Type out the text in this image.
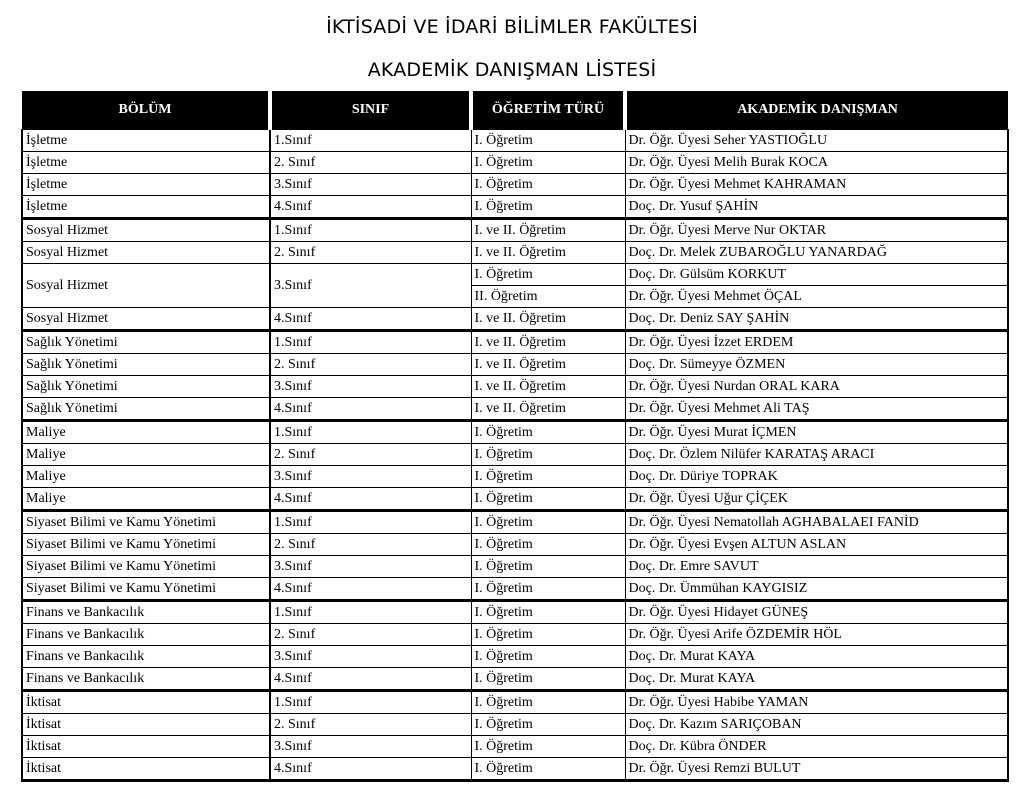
İKTİSADİ VE İDARİ BİLİMLER FAKÜLTESİ
AKADEMİK DANIŞMAN LİSTESİ
BÖLÜM	SINIF	ÖĞRETİM TÜRÜ	AKADEMİK DANIŞMAN
İşletme	1.Sınıf	I. Öğretim	Dr. Öğr. Üyesi Seher YASTIOĞLU
İşletme	2. Sınıf	I. Öğretim	Dr. Öğr. Üyesi Melih Burak KOCA
İşletme	3.Sınıf	I. Öğretim	Dr. Öğr. Üyesi Mehmet KAHRAMAN
İşletme	4.Sınıf	I. Öğretim	Doç. Dr. Yusuf ŞAHİN
Sosyal Hizmet	1.Sınıf	I. ve II. Öğretim	Dr. Öğr. Üyesi Merve Nur OKTAR
Sosyal Hizmet	2. Sınıf	I. ve II. Öğretim	Doç. Dr. Melek ZUBAROĞLU YANARDAĞ
Sosyal Hizmet	3.Sınıf	I. Öğretim	Doç. Dr. Gülsüm KORKUT
		II. Öğretim	Dr. Öğr. Üyesi Mehmet ÖÇAL
Sosyal Hizmet	4.Sınıf	I. ve II. Öğretim	Doç. Dr. Deniz SAY ŞAHİN
Sağlık Yönetimi	1.Sınıf	I. ve II. Öğretim	Dr. Öğr. Üyesi İzzet ERDEM
Sağlık Yönetimi	2. Sınıf	I. ve II. Öğretim	Doç. Dr. Sümeyye ÖZMEN
Sağlık Yönetimi	3.Sınıf	I. ve II. Öğretim	Dr. Öğr. Üyesi Nurdan ORAL KARA
Sağlık Yönetimi	4.Sınıf	I. ve II. Öğretim	Dr. Öğr. Üyesi Mehmet Ali TAŞ
Maliye	1.Sınıf	I. Öğretim	Dr. Öğr. Üyesi Murat İÇMEN
Maliye	2. Sınıf	I. Öğretim	Doç. Dr. Özlem Nilüfer KARATAŞ ARACI
Maliye	3.Sınıf	I. Öğretim	Doç. Dr. Düriye TOPRAK
Maliye	4.Sınıf	I. Öğretim	Dr. Öğr. Üyesi Uğur ÇİÇEK
Siyaset Bilimi ve Kamu Yönetimi	1.Sınıf	I. Öğretim	Dr. Öğr. Üyesi Nematollah AGHABALAEI FANİD
Siyaset Bilimi ve Kamu Yönetimi	2. Sınıf	I. Öğretim	Dr. Öğr. Üyesi Evşen ALTUN ASLAN
Siyaset Bilimi ve Kamu Yönetimi	3.Sınıf	I. Öğretim	Doç. Dr. Emre SAVUT
Siyaset Bilimi ve Kamu Yönetimi	4.Sınıf	I. Öğretim	Doç. Dr. Ümmühan KAYGISIZ
Finans ve Bankacılık	1.Sınıf	I. Öğretim	Dr. Öğr. Üyesi Hidayet GÜNEŞ
Finans ve Bankacılık	2. Sınıf	I. Öğretim	Dr. Öğr. Üyesi Arife ÖZDEMİR HÖL
Finans ve Bankacılık	3.Sınıf	I. Öğretim	Doç. Dr. Murat KAYA
Finans ve Bankacılık	4.Sınıf	I. Öğretim	Doç. Dr. Murat KAYA
İktisat	1.Sınıf	I. Öğretim	Dr. Öğr. Üyesi Habibe YAMAN
İktisat	2. Sınıf	I. Öğretim	Doç. Dr. Kazım SARIÇOBAN
İktisat	3.Sınıf	I. Öğretim	Doç. Dr. Kübra ÖNDER
İktisat	4.Sınıf	I. Öğretim	Dr. Öğr. Üyesi Remzi BULUT
